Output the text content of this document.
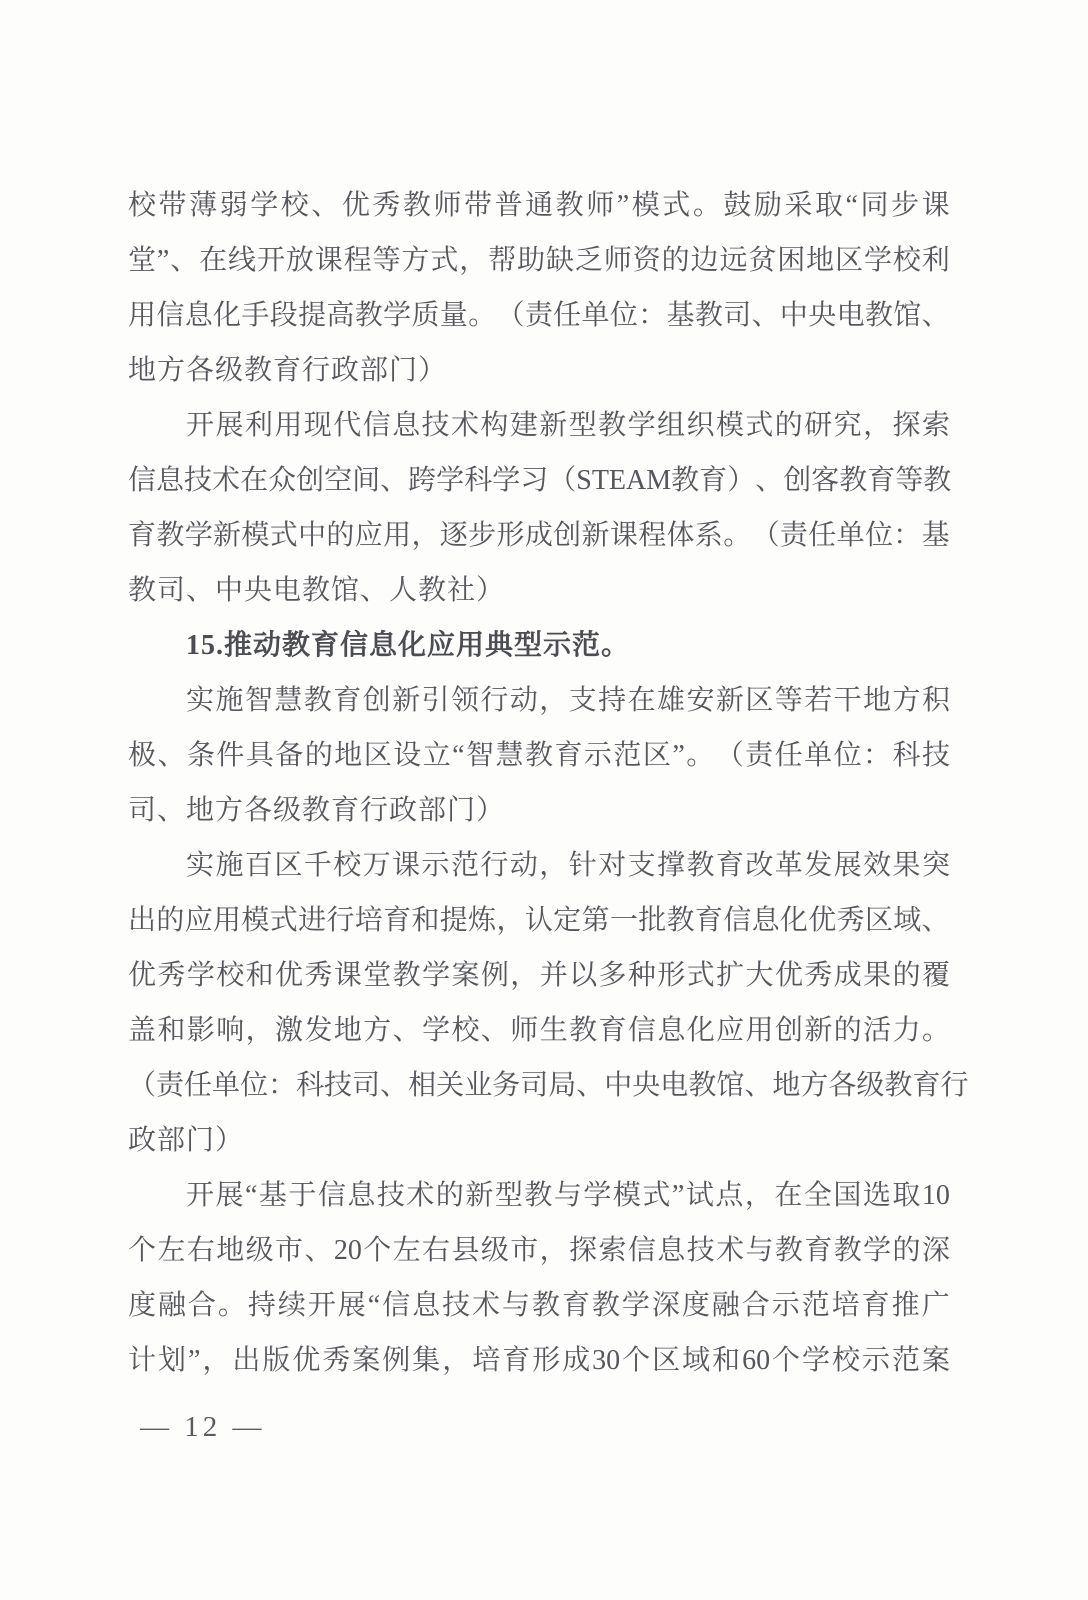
校 带 薄 弱 学 校 、 优 秀 教 师 带 普 通 教 师 ” 模 式 。 鼓 励 采 取 “ 同 步 课
堂 ” 、 在 线 开 放 课 程 等 方 式 ， 帮 助 缺 乏 师 资 的 边 远 贫 困 地 区 学 校 利
用 信 息 化 手 段 提 高 教 学 质 量 。 （ 责 任 单 位 ： 基 教 司 、 中 央 电 教 馆 、
地方各级教育行政部门）
开 展 利 用 现 代 信 息 技 术 构 建 新 型 教 学 组 织 模 式 的 研 究 ， 探 索
信 息 技 术 在 众 创 空 间 、 跨 学 科 学 习 （ STEAM 教 育 ） 、 创 客 教 育 等 教
育 教 学 新 模 式 中 的 应 用 ， 逐 步 形 成 创 新 课 程 体 系 。 （ 责 任 单 位 ： 基
教司、中央电教馆、人教社）
15.推动教育信息化应用典型示范。
实 施 智 慧 教 育 创 新 引 领 行 动 ， 支 持 在 雄 安 新 区 等 若 干 地 方 积
极 、 条 件 具 备 的 地 区 设 立 “ 智 慧 教 育 示 范 区 ” 。 （ 责 任 单 位 ： 科 技
司、地方各级教育行政部门）
实 施 百 区 千 校 万 课 示 范 行 动 ， 针 对 支 撑 教 育 改 革 发 展 效 果 突
出 的 应 用 模 式 进 行 培 育 和 提 炼 ， 认 定 第 一 批 教 育 信 息 化 优 秀 区 域 、
优 秀 学 校 和 优 秀 课 堂 教 学 案 例 ， 并 以 多 种 形 式 扩 大 优 秀 成 果 的 覆
盖 和 影 响 ， 激 发 地 方 、 学 校 、 师 生 教 育 信 息 化 应 用 创 新 的 活 力 。
（ 责 任 单 位 ： 科 技 司 、 相 关 业 务 司 局 、 中 央 电 教 馆 、 地 方 各 级 教 育 行
政部门）
开 展 “ 基 于 信 息 技 术 的 新 型 教 与 学 模 式 ” 试 点 ， 在 全 国 选 取 10
个 左 右 地 级 市 、 20 个 左 右 县 级 市 ， 探 索 信 息 技 术 与 教 育 教 学 的 深
度 融 合 。 持 续 开 展 “ 信 息 技 术 与 教 育 教 学 深 度 融 合 示 范 培 育 推 广
计 划 ” ， 出 版 优 秀 案 例 集 ， 培 育 形 成 30 个 区 域 和 60 个 学 校 示 范 案
— 12 —
